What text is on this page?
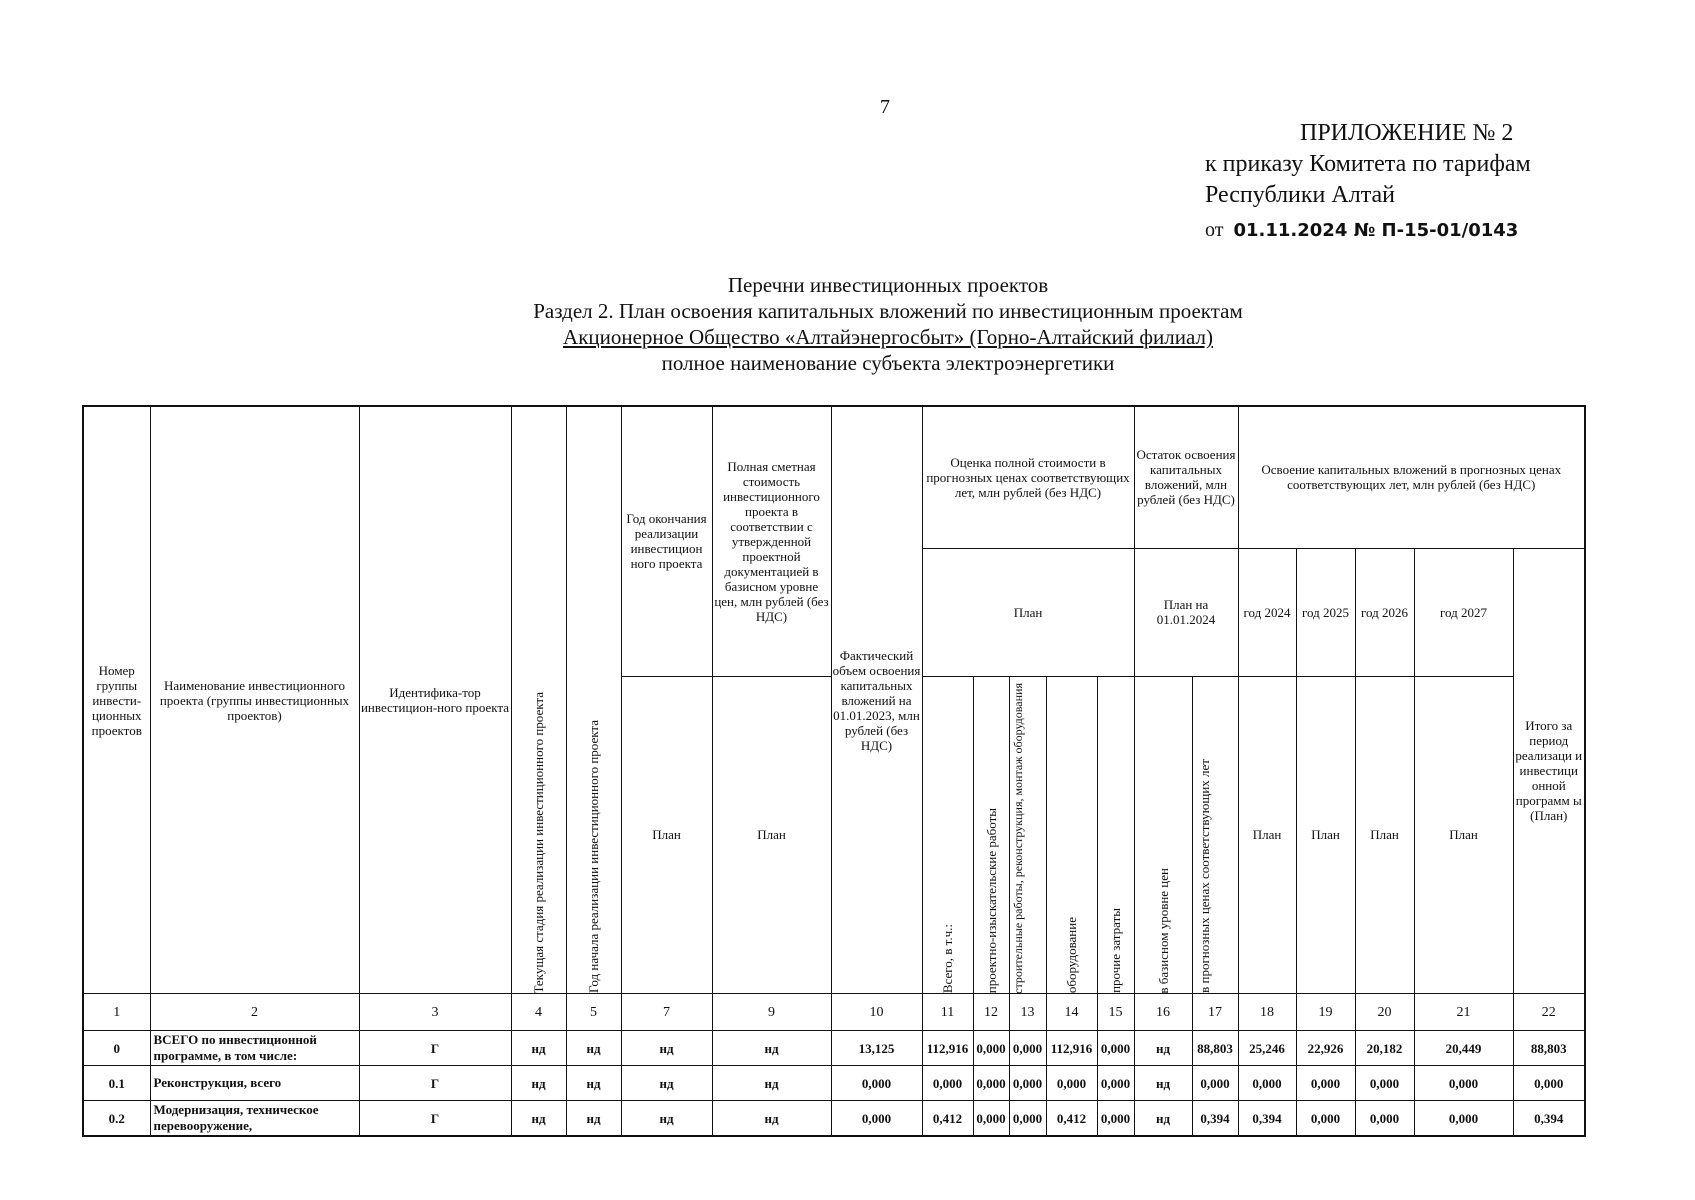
7
ПРИЛОЖЕНИЕ № 2
к приказу Комитета по тарифам
Республики Алтай
от 01.11.2024 № П-15-01/0143
Перечни инвестиционных проектов
Раздел 2. План освоения капитальных вложений по инвестиционным проектам
Акционерное Общество «Алтайэнергосбыт» (Горно-Алтайский филиал)
полное наименование субъекта электроэнергетики
Номер группы инвести-ционных проектов	Наименование инвестиционного проекта (группы инвестиционных проектов)	Идентифика-тор инвестицион-ного проекта	Текущая стадия реализации инвестиционного проекта	Год начала реализации инвестиционного проекта	Год окончания реализации инвестицион ного проекта	Полная сметная стоимость инвестиционного проекта в соответствии с утвержденной проектной документацией в базисном уровне цен, млн рублей (без НДС)	Фактический объем освоения капитальных вложений на 01.01.2023, млн рублей (без НДС)	Оценка полной стоимости в прогнозных ценах соответствующих лет, млн рублей (без НДС)					Остаток освоения капитальных вложений, млн рублей (без НДС)		Освоение капитальных вложений в прогнозных ценах соответствующих лет, млн рублей (без НДС)				
								План					План на 01.01.2024		год 2024	год 2025	год 2026	год 2027	Итого за период реализаци и инвестици онной программ ы (План)
					План	План		Всего, в т.ч.:	проектно-изыскательские работы	строительные работы, реконструкция, монтаж оборудования	оборудование	прочие затраты	в базисном уровне цен	в прогнозных ценах соответствующих лет	План	План	План	План	
1	2	3	4	5	7	9	10	11	12	13	14	15	16	17	18	19	20	21	22
0	ВСЕГО по инвестиционной программе, в том числе:	Г	нд	нд	нд	нд	13,125	112,916	0,000	0,000	112,916	0,000	нд	88,803	25,246	22,926	20,182	20,449	88,803
0.1	Реконструкция, всего	Г	нд	нд	нд	нд	0,000	0,000	0,000	0,000	0,000	0,000	нд	0,000	0,000	0,000	0,000	0,000	0,000
0.2	Модернизация, техническое перевооружение,	Г	нд	нд	нд	нд	0,000	0,412	0,000	0,000	0,412	0,000	нд	0,394	0,394	0,000	0,000	0,000	0,394
